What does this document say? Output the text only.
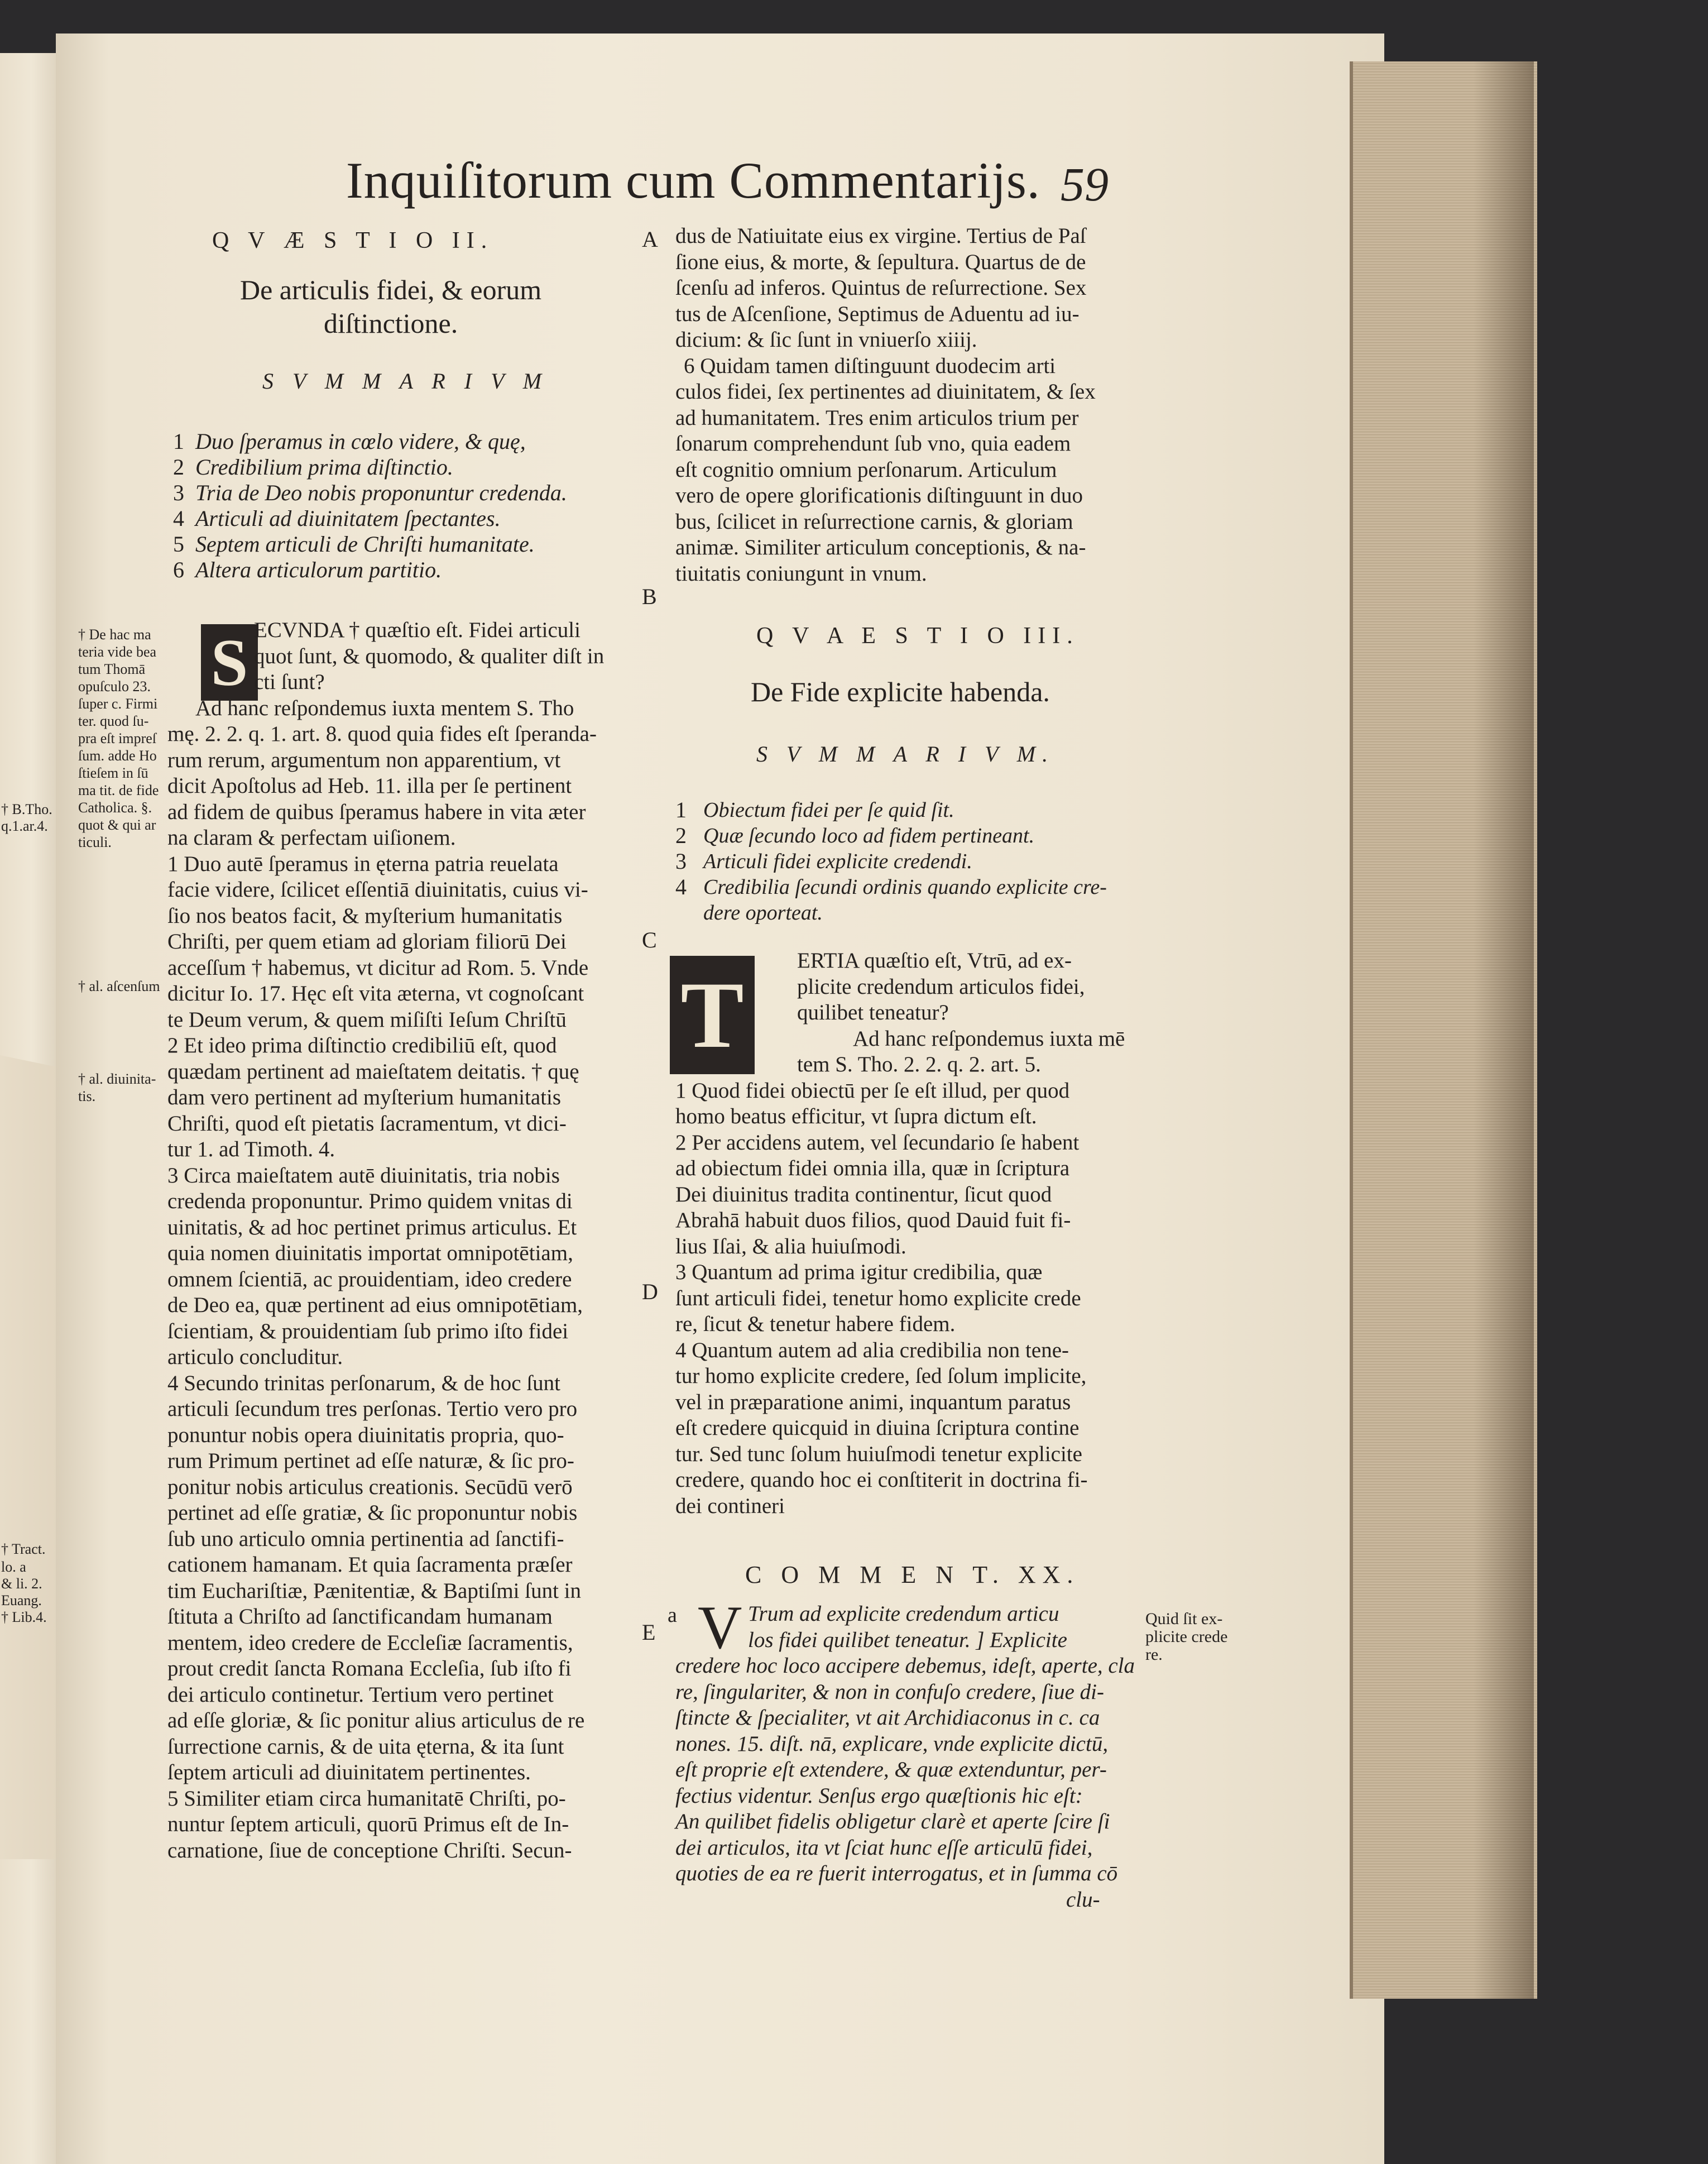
Inquiſitorum cum Commentarijs. 59
Q V Æ S T I O II.
De articulis fidei, & eorum
diſtinctione.
S V M M A R I V M
1 Duo ſperamus in cœlo videre, & quę,
2 Credibilium prima diſtinctio.
3 Tria de Deo nobis proponuntur credenda.
4 Articuli ad diuinitatem ſpectantes.
5 Septem articuli de Chriſti humanitate.
6 Altera articulorum partitio.
S ECVNDA † quæſtio eſt. Fidei articuli
quot ſunt, & quomodo, & qualiter diſt in
cti ſunt?
Ad hanc reſpondemus iuxta mentem S. Tho
mę. 2. 2. q. 1. art. 8. quod quia fides eſt ſperanda-
rum rerum, argumentum non apparentium, vt
dicit Apoſtolus ad Heb. 11. illa per ſe pertinent
ad fidem de quibus ſperamus habere in vita æter
na claram & perfectam uiſionem.
1 Duo autē ſperamus in ęterna patria reuelata
facie videre, ſcilicet eſſentiā diuinitatis, cuius vi-
ſio nos beatos facit, & myſterium humanitatis
Chriſti, per quem etiam ad gloriam filiorū Dei
acceſſum † habemus, vt dicitur ad Rom. 5. Vnde
dicitur Io. 17. Hęc eſt vita æterna, vt cognoſcant
te Deum verum, & quem miſiſti Ieſum Chriſtū
2 Et ideo prima diſtinctio credibiliū eſt, quod
quædam pertinent ad maieſtatem deitatis. † quę
dam vero pertinent ad myſterium humanitatis
Chriſti, quod eſt pietatis ſacramentum, vt dici-
tur 1. ad Timoth. 4.
3 Circa maieſtatem autē diuinitatis, tria nobis
credenda proponuntur. Primo quidem vnitas di
uinitatis, & ad hoc pertinet primus articulus. Et
quia nomen diuinitatis importat omnipotētiam,
omnem ſcientiā, ac prouidentiam, ideo credere
de Deo ea, quæ pertinent ad eius omnipotētiam,
ſcientiam, & prouidentiam ſub primo iſto fidei
articulo concluditur.
4 Secundo trinitas perſonarum, & de hoc ſunt
articuli ſecundum tres perſonas. Tertio vero pro
ponuntur nobis opera diuinitatis propria, quo-
rum Primum pertinet ad eſſe naturæ, & ſic pro-
ponitur nobis articulus creationis. Secūdū verō
pertinet ad eſſe gratiæ, & ſic proponuntur nobis
ſub uno articulo omnia pertinentia ad ſanctifi-
cationem hamanam. Et quia ſacramenta præſer
tim Euchariſtiæ, Pænitentiæ, & Baptiſmi ſunt in
ſtituta a Chriſto ad ſanctificandam humanam
mentem, ideo credere de Eccleſiæ ſacramentis,
prout credit ſancta Romana Eccleſia, ſub iſto fi
dei articulo continetur. Tertium vero pertinet
ad eſſe gloriæ, & ſic ponitur alius articulus de re
ſurrectione carnis, & de uita ęterna, & ita ſunt
ſeptem articuli ad diuinitatem pertinentes.
5 Similiter etiam circa humanitatē Chriſti, po-
nuntur ſeptem articuli, quorū Primus eſt de In-
carnatione, ſiue de conceptione Chriſti. Secun-
† De hac ma
teria vide bea
tum Thomā
opuſculo 23.
ſuper c. Firmi
ter. quod ſu-
pra eſt impreſ
ſum. adde Ho
ſtieſem in ſū
ma tit. de fide
Catholica. §.
quot & qui ar
ticuli.
† al. aſcenſum
† al. diuinita-
tis.
† B.Tho.
q.1.ar.4.
† Tract.
lo. a
& li. 2.
Euang.
† Lib.4.
A
B
C
D
E
dus de Natiuitate eius ex virgine. Tertius de Paſ
ſione eius, & morte, & ſepultura. Quartus de de
ſcenſu ad inferos. Quintus de reſurrectione. Sex
tus de Aſcenſione, Septimus de Aduentu ad iu-
dicium: & ſic ſunt in vniuerſo xiiij.
6 Quidam tamen diſtinguunt duodecim arti
culos fidei, ſex pertinentes ad diuinitatem, & ſex
ad humanitatem. Tres enim articulos trium per
ſonarum comprehendunt ſub vno, quia eadem
eſt cognitio omnium perſonarum. Articulum
vero de opere glorificationis diſtinguunt in duo
bus, ſcilicet in reſurrectione carnis, & gloriam
animæ. Similiter articulum conceptionis, & na-
tiuitatis coniungunt in vnum.
Q V A E S T I O III.
De Fide explicite habenda.
S V M M A R I V M.
1 Obiectum fidei per ſe quid ſit.
2 Quæ ſecundo loco ad fidem pertineant.
3 Articuli fidei explicite credendi.
4 Credibilia ſecundi ordinis quando explicite cre-
dere oporteat.
T
ERTIA quæſtio eſt, Vtrū, ad ex-
plicite credendum articulos fidei,
quilibet teneatur?
Ad hanc reſpondemus iuxta mē
tem S. Tho. 2. 2. q. 2. art. 5.
1 Quod fidei obiectū per ſe eſt illud, per quod
homo beatus efficitur, vt ſupra dictum eſt.
2 Per accidens autem, vel ſecundario ſe habent
ad obiectum fidei omnia illa, quæ in ſcriptura
Dei diuinitus tradita continentur, ſicut quod
Abrahā habuit duos filios, quod Dauid fuit fi-
lius Iſai, & alia huiuſmodi.
3 Quantum ad prima igitur credibilia, quæ
ſunt articuli fidei, tenetur homo explicite crede
re, ſicut & tenetur habere fidem.
4 Quantum autem ad alia credibilia non tene-
tur homo explicite credere, ſed ſolum implicite,
vel in præparatione animi, inquantum paratus
eſt credere quicquid in diuina ſcriptura contine
tur. Sed tunc ſolum huiuſmodi tenetur explicite
credere, quando hoc ei conſtiterit in doctrina fi-
dei contineri
C O M M E N T. XX.
a V Trum ad explicite credendum articu
los fidei quilibet teneatur. ] Explicite
credere hoc loco accipere debemus, ideſt, aperte, cla
re, ſingulariter, & non in confuſo credere, ſiue di-
ſtincte & ſpecialiter, vt ait Archidiaconus in c. ca
nones. 15. diſt. nā, explicare, vnde explicite dictū,
eſt proprie eſt extendere, & quæ extenduntur, per-
fectius videntur. Senſus ergo quæſtionis hic eſt:
An quilibet fidelis obligetur clarè et aperte ſcire ſi
dei articulos, ita vt ſciat hunc eſſe articulū fidei,
quoties de ea re fuerit interrogatus, et in ſumma cō
clu-
Quid ſit ex-
plicite crede
re.
